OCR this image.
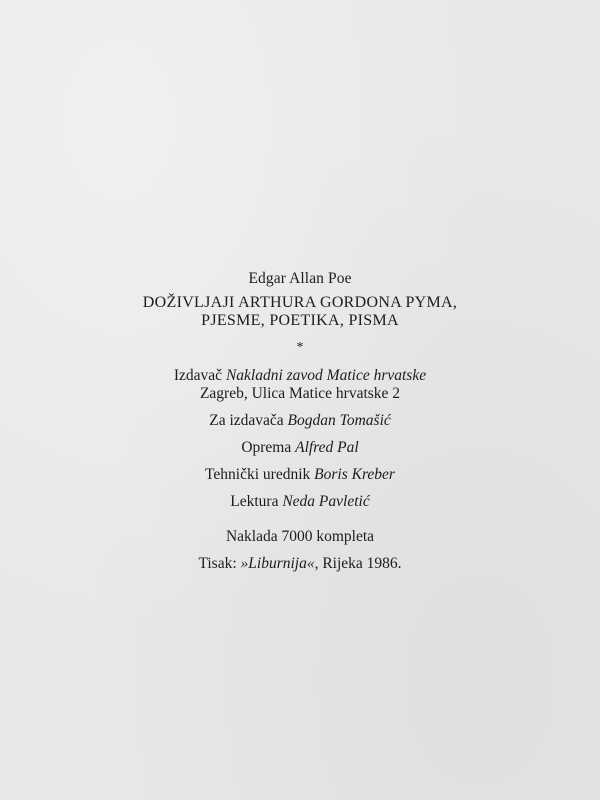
Edgar Allan Poe
DOŽIVLJAJI ARTHURA GORDONA PYMA,
PJESME, POETIKA, PISMA
*
Izdavač Nakladni zavod Matice hrvatske
Zagreb, Ulica Matice hrvatske 2
Za izdavača Bogdan Tomašić
Oprema Alfred Pal
Tehnički urednik Boris Kreber
Lektura Neda Pavletić
Naklada 7000 kompleta
Tisak: »Liburnija«, Rijeka 1986.
